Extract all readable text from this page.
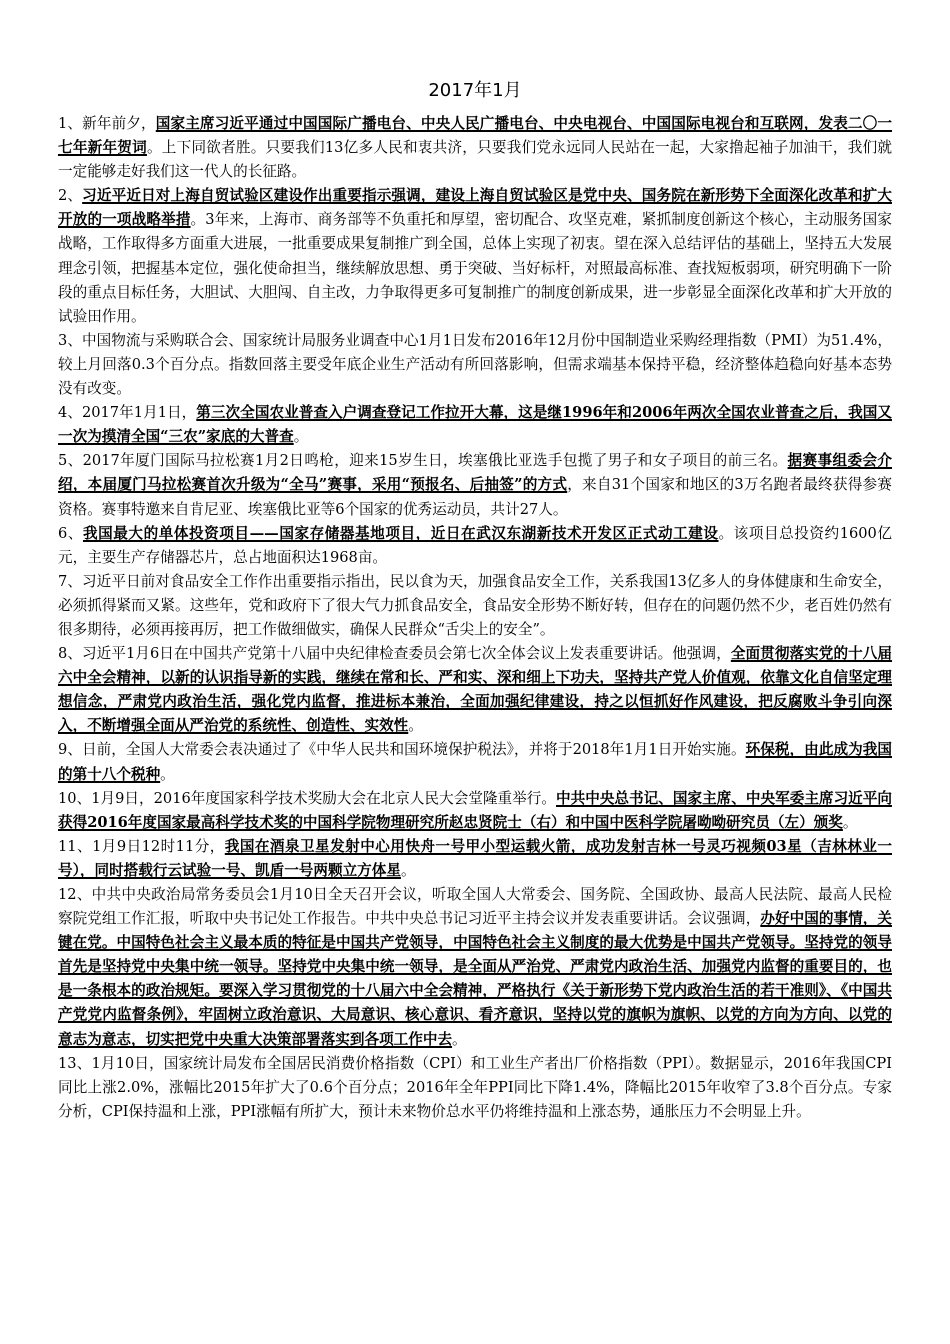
2017年1月

1、新年前夕，国家主席习近平通过中国国际广播电台、中央人民广播电台、中央电视台、中国国际电视台和互联网，发表二〇一七年新年贺词。上下同欲者胜。只要我们13亿多人民和衷共济，只要我们党永远同人民站在一起，大家撸起袖子加油干，我们就一定能够走好我们这一代人的长征路。

2、习近平近日对上海自贸试验区建设作出重要指示强调，建设上海自贸试验区是党中央、国务院在新形势下全面深化改革和扩大开放的一项战略举措。3年来，上海市、商务部等不负重托和厚望，密切配合、攻坚克难，紧抓制度创新这个核心，主动服务国家战略，工作取得多方面重大进展，一批重要成果复制推广到全国，总体上实现了初衷。望在深入总结评估的基础上，坚持五大发展理念引领，把握基本定位，强化使命担当，继续解放思想、勇于突破、当好标杆，对照最高标准、查找短板弱项，研究明确下一阶段的重点目标任务，大胆试、大胆闯、自主改，力争取得更多可复制推广的制度创新成果，进一步彰显全面深化改革和扩大开放的试验田作用。

3、中国物流与采购联合会、国家统计局服务业调查中心1月1日发布2016年12月份中国制造业采购经理指数（PMI）为51.4%，较上月回落0.3个百分点。指数回落主要受年底企业生产活动有所回落影响，但需求端基本保持平稳，经济整体趋稳向好基本态势没有改变。

4、2017年1月1日，第三次全国农业普查入户调查登记工作拉开大幕，这是继1996年和2006年两次全国农业普查之后，我国又一次为摸清全国“三农”家底的大普查。

5、2017年厦门国际马拉松赛1月2日鸣枪，迎来15岁生日，埃塞俄比亚选手包揽了男子和女子项目的前三名。据赛事组委会介绍，本届厦门马拉松赛首次升级为“全马”赛事，采用“预报名、后抽签”的方式，来自31个国家和地区的3万名跑者最终获得参赛资格。赛事特邀来自肯尼亚、埃塞俄比亚等6个国家的优秀运动员，共计27人。

6、我国最大的单体投资项目——国家存储器基地项目，近日在武汉东湖新技术开发区正式动工建设。该项目总投资约1600亿元，主要生产存储器芯片，总占地面积达1968亩。

7、习近平日前对食品安全工作作出重要指示指出，民以食为天，加强食品安全工作，关系我国13亿多人的身体健康和生命安全，必须抓得紧而又紧。这些年，党和政府下了很大气力抓食品安全，食品安全形势不断好转，但存在的问题仍然不少，老百姓仍然有很多期待，必须再接再厉，把工作做细做实，确保人民群众“舌尖上的安全”。

8、习近平1月6日在中国共产党第十八届中央纪律检查委员会第七次全体会议上发表重要讲话。他强调，全面贯彻落实党的十八届六中全会精神，以新的认识指导新的实践，继续在常和长、严和实、深和细上下功夫，坚持共产党人价值观，依靠文化自信坚定理想信念，严肃党内政治生活，强化党内监督，推进标本兼治，全面加强纪律建设，持之以恒抓好作风建设，把反腐败斗争引向深入，不断增强全面从严治党的系统性、创造性、实效性。

9、日前，全国人大常委会表决通过了《中华人民共和国环境保护税法》，并将于2018年1月1日开始实施。环保税，由此成为我国的第十八个税种。

10、1月9日，2016年度国家科学技术奖励大会在北京人民大会堂隆重举行。中共中央总书记、国家主席、中央军委主席习近平向获得2016年度国家最高科学技术奖的中国科学院物理研究所赵忠贤院士（右）和中国中医科学院屠呦呦研究员（左）颁奖。

11、1月9日12时11分，我国在酒泉卫星发射中心用快舟一号甲小型运载火箭，成功发射吉林一号灵巧视频03星（吉林林业一号），同时搭载行云试验一号、凯盾一号两颗立方体星。

12、中共中央政治局常务委员会1月10日全天召开会议，听取全国人大常委会、国务院、全国政协、最高人民法院、最高人民检察院党组工作汇报，听取中央书记处工作报告。中共中央总书记习近平主持会议并发表重要讲话。会议强调，办好中国的事情，关键在党。中国特色社会主义最本质的特征是中国共产党领导，中国特色社会主义制度的最大优势是中国共产党领导。坚持党的领导首先是坚持党中央集中统一领导。坚持党中央集中统一领导，是全面从严治党、严肃党内政治生活、加强党内监督的重要目的，也是一条根本的政治规矩。要深入学习贯彻党的十八届六中全会精神，严格执行《关于新形势下党内政治生活的若干准则》、《中国共产党党内监督条例》，牢固树立政治意识、大局意识、核心意识、看齐意识，坚持以党的旗帜为旗帜、以党的方向为方向、以党的意志为意志，切实把党中央重大决策部署落实到各项工作中去。

13、1月10日，国家统计局发布全国居民消费价格指数（CPI）和工业生产者出厂价格指数（PPI）。数据显示，2016年我国CPI同比上涨2.0%，涨幅比2015年扩大了0.6个百分点；2016年全年PPI同比下降1.4%，降幅比2015年收窄了3.8个百分点。专家分析，CPI保持温和上涨，PPI涨幅有所扩大，预计未来物价总水平仍将维持温和上涨态势，通胀压力不会明显上升。
